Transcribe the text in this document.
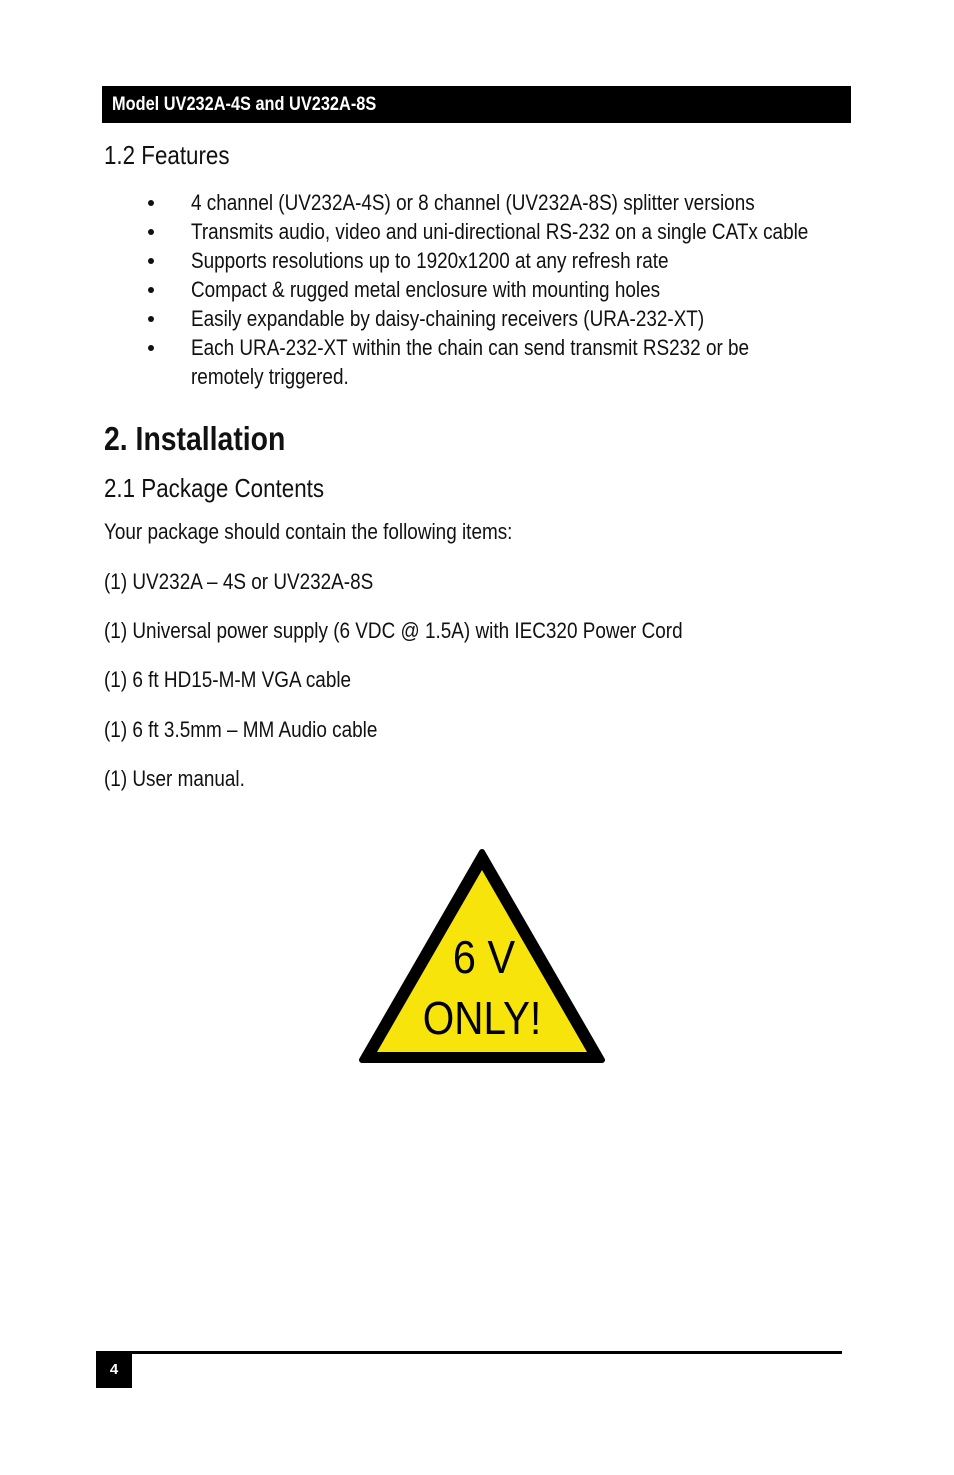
Model UV232A-4S and UV232A-8S
1.2 Features
4 channel (UV232A-4S) or 8 channel (UV232A-8S) splitter versions
Transmits audio, video and uni-directional RS-232 on a single CATx cable
Supports resolutions up to 1920x1200 at any refresh rate
Compact & rugged metal enclosure with mounting holes
Easily expandable by daisy-chaining receivers (URA-232-XT)
Each URA-232-XT within the chain can send transmit RS232 or be remotely triggered.
2. Installation
2.1 Package Contents
Your package should contain the following items:
(1) UV232A – 4S or UV232A-8S
(1) Universal power supply (6 VDC @ 1.5A) with IEC320 Power Cord
(1) 6 ft HD15-M-M VGA cable
(1) 6 ft 3.5mm – MM Audio cable
(1) User manual.
6 V
ONLY!
4
